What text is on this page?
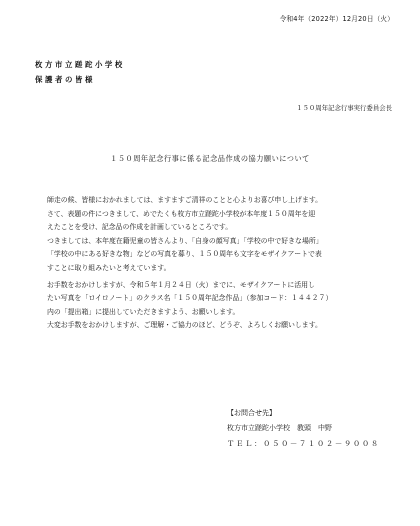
令和4年（2022年）12月20日（火）
枚方市立蹉跎小学校
保護者の皆様
１５０周年記念行事実行委員会長
１５０周年記念行事に係る記念品作成の協力願いについて

師走の候、皆様におかれましては、ますますご清祥のことと心よりお喜び申し上げます。

さて、表題の件につきまして、めでたくも枚方市立蹉跎小学校が本年度１５０周年を迎

えたことを受け、記念品の作成を計画しているところです。

つきましては、本年度在籍児童の皆さんより、「自身の顔写真」「学校の中で好きな場所」

「学校の中にある好きな物」などの写真を募り、１５０周年も文字をモザイクアートで表

すことに取り組みたいと考えています。

お手数をおかけしますが、令和５年１月２４日（火）までに、モザイクアートに活用し

たい写真を「ロイロノート」のクラス名「１５０周年記念作品」（参加コード：１４４２７）

内の「提出箱」に提出していただきますよう、お願いします。

大変お手数をおかけしますが、ご理解・ご協力のほど、どうぞ、よろしくお願いします。

【お問合せ先】
枚方市立蹉跎小学校　教頭　中野
ＴＥＬ：０５０－７１０２－９００８
